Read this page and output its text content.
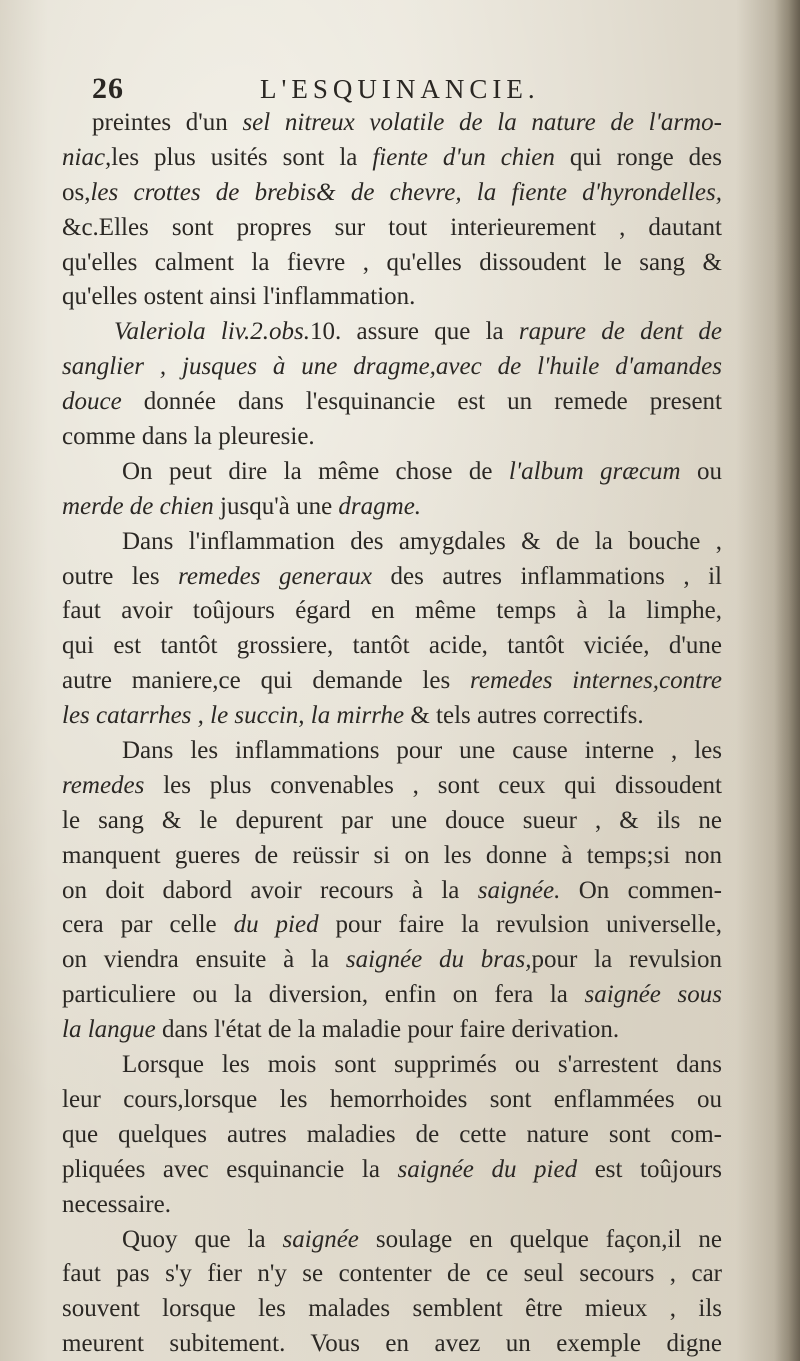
26	L'ESQUINANCIE.
preintes d'un sel nitreux volatile de la nature de l'armo-
niac,les plus usités sont la fiente d'un chien qui ronge des
os,les crottes de brebis& de chevre, la fiente d'hyrondelles,
&c.Elles sont propres sur tout interieurement , dautant
qu'elles calment la fievre , qu'elles dissoudent le sang &
qu'elles ostent ainsi l'inflammation.
Valeriola liv.2.obs.10. assure que la rapure de dent de
sanglier , jusques à une dragme,avec de l'huile d'amandes
douce donnée dans l'esquinancie est un remede present
comme dans la pleuresie.
On peut dire la même chose de l'album græcum ou
merde de chien jusqu'à une dragme.
Dans l'inflammation des amygdales & de la bouche ,
outre les remedes generaux des autres inflammations , il
faut avoir toûjours égard en même temps à la limphe,
qui est tantôt grossiere, tantôt acide, tantôt viciée, d'une
autre maniere,ce qui demande les remedes internes,contre
les catarrhes , le succin, la mirrhe & tels autres correctifs.
Dans les inflammations pour une cause interne , les
remedes les plus convenables , sont ceux qui dissoudent
le sang & le depurent par une douce sueur , & ils ne
manquent gueres de reüssir si on les donne à temps;si non
on doit dabord avoir recours à la saignée. On commen-
cera par celle du pied pour faire la revulsion universelle,
on viendra ensuite à la saignée du bras,pour la revulsion
particuliere ou la diversion, enfin on fera la saignée sous
la langue dans l'état de la maladie pour faire derivation.
Lorsque les mois sont supprimés ou s'arrestent dans
leur cours,lorsque les hemorrhoides sont enflammées ou
que quelques autres maladies de cette nature sont com-
pliquées avec esquinancie la saignée du pied est toûjours
necessaire.
Quoy que la saignée soulage en quelque façon,il ne
faut pas s'y fier n'y se contenter de ce seul secours , car
souvent lorsque les malades semblent être mieux , ils
meurent subitement. Vous en avez un exemple digne
